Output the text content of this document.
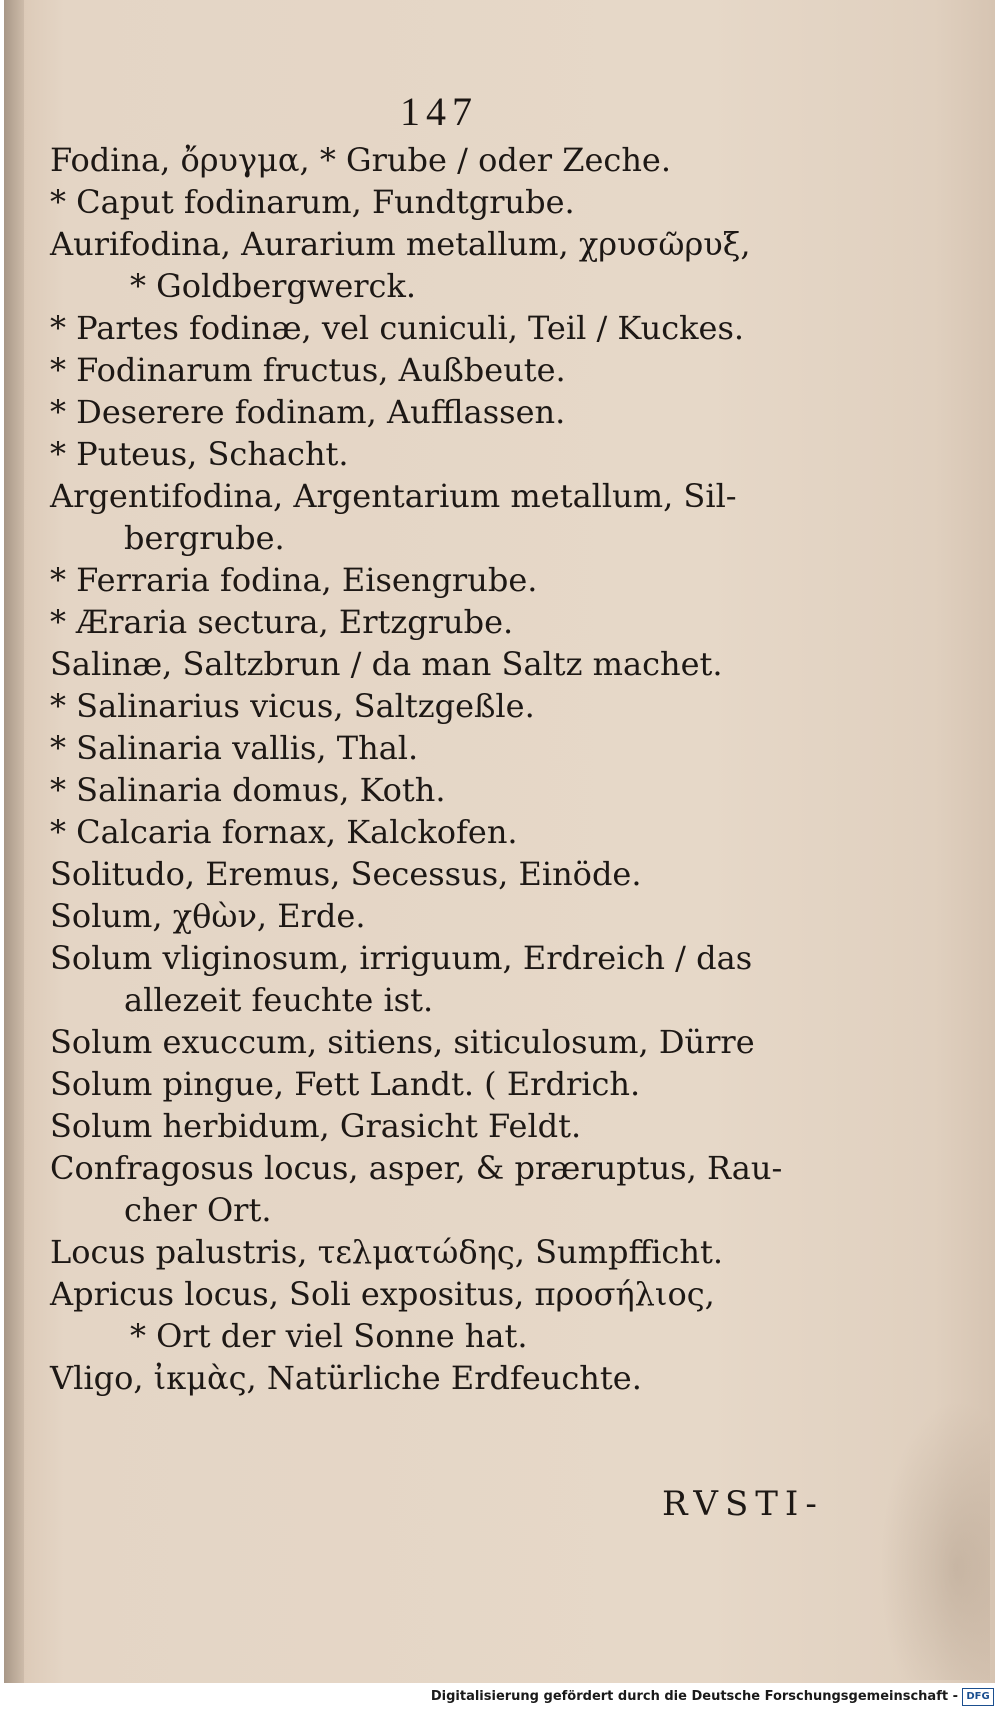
147
Fodina, ὄρυγμα, * Grube / oder Zeche.
* Caput fodinarum, Fundtgrube.
Aurifodina, Aurarium metallum, χρυσῶρυξ,
* Goldbergwerck.
* Partes fodinæ, vel cuniculi, Teil / Kuckes.
* Fodinarum fructus, Außbeute.
* Deserere fodinam, Aufflassen.
* Puteus, Schacht.
Argentifodina, Argentarium metallum, Sil-
bergrube.
* Ferraria fodina, Eisengrube.
* Æraria sectura, Ertzgrube.
Salinæ, Saltzbrun / da man Saltz machet.
* Salinarius vicus, Saltzgeßle.
* Salinaria vallis, Thal.
* Salinaria domus, Koth.
* Calcaria fornax, Kalckofen.
Solitudo, Eremus, Secessus, Einöde.
Solum, χθὼν, Erde.
Solum vliginosum, irriguum, Erdreich / das
allezeit feuchte ist.
Solum exuccum, sitiens, siticulosum, Dürre
Solum pingue, Fett Landt. ( Erdrich.
Solum herbidum, Grasicht Feldt.
Confragosus locus, asper, & præruptus, Rau-
cher Ort.
Locus palustris, τελματώδης, Sumpfficht.
Apricus locus, Soli expositus, προσήλιος,
* Ort der viel Sonne hat.
Vligo, ἰκμὰς, Natürliche Erdfeuchte.
RVSTI-
Digitalisierung gefördert durch die Deutsche Forschungsgemeinschaft - DFG
